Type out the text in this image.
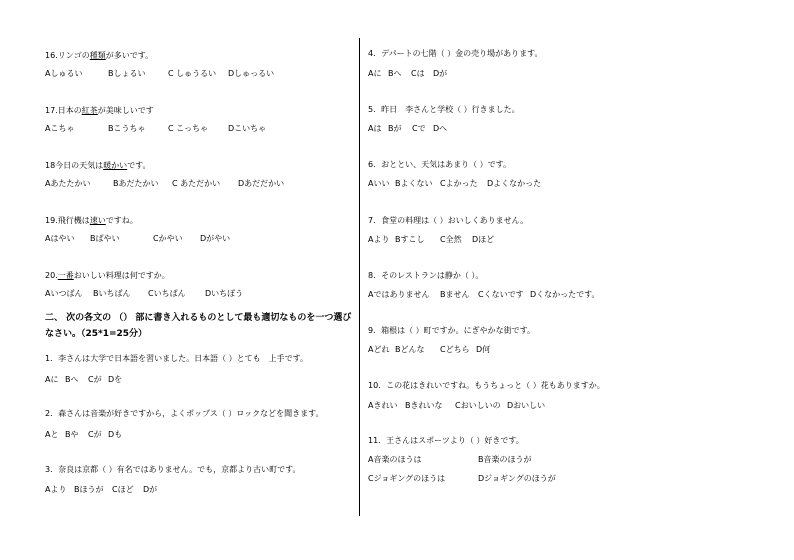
16.リンゴの種類が多いです。
Aしゅるい	Bしょるい	C しゅうるい Dしゅっるい
17.日本の紅茶が美味しいです
Aこちゃ	Bこうちゃ	C こっちゃ	Dこいちゃ
18今日の天気は暖かいです。
Aあたたかい	Bあだたかい C あただかい Dあだだかい
19.飛行機は速いですね。
Aはやい Bぱやい	Cかやい Dがやい
20.一番おいしい料理は何ですか。
Aいつばん Bいちばん Cいちぱん Dいちぽう
二、 次の各文の （） 部に書き入れるものとして最も適切なものを一つ選び
なさい。（25*1=25分）
1．李さんは大学で日本語を習いました。日本語（ ）とても　上手です。
Aに Bへ Cが Dを
2．森さんは音楽が好きですから，よくポップス（ ）ロックなどを聞きます。
Aと Bや Cが Dも
3．奈良は京都（ ）有名ではありません。でも，京都より古い町です。
Aより Bほうが Cほど Dが
4．デパートの七階（ ）金の売り場があります。
Aに Bへ Cは Dが
5．昨日　李さんと学校（ ）行きました。
Aは Bが Cで Dへ
6．おととい、天気はあまり（ ）です。
Aいい Bよくない Cよかった Dよくなかった
7．食堂の料理は（ ）おいしくありません。
Aより Bすこし C全然 Dほど
8．そのレストランは静か（ ）。
Aではありません Bません Cくないです Dくなかったです。
9．箱根は（ ）町ですか。にぎやかな街です。
Aどれ Bどんな Cどちら D何
10．この花はきれいですね。もうちょっと（ ）花もありますか。
Aきれい Bきれいな Cおいしいの Dおいしい
11．王さんはスポーツより（ ）好きです。
A音楽のほうは	B音楽のほうが
Cジョギングのほうは	Dジョギングのほうが
